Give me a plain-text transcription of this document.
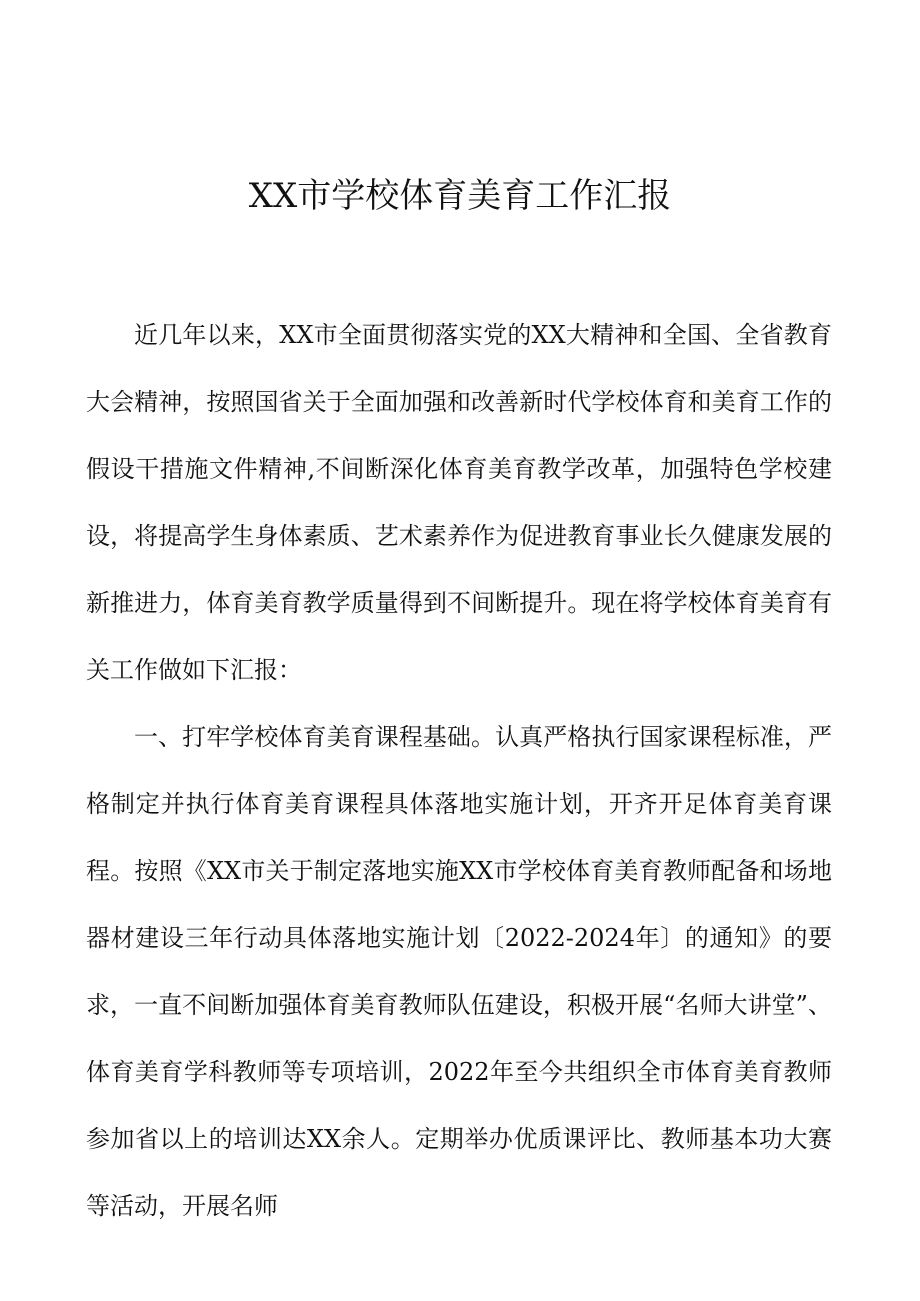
XX市学校体育美育工作汇报

近几年以来，XX市全面贯彻落实党的XX大精神和全国、全省教育大会精神，按照国省关于全面加强和改善新时代学校体育和美育工作的假设干措施文件精神,不间断深化体育美育教学改革，加强特色学校建设，将提高学生身体素质、艺术素养作为促进教育事业长久健康发展的新推进力，体育美育教学质量得到不间断提升。现在将学校体育美育有关工作做如下汇报：

一、打牢学校体育美育课程基础。认真严格执行国家课程标准，严格制定并执行体育美育课程具体落地实施计划，开齐开足体育美育课程。按照《XX市关于制定落地实施XX市学校体育美育教师配备和场地器材建设三年行动具体落地实施计划〔2022-2024年〕的通知》的要求，一直不间断加强体育美育教师队伍建设，积极开展“名师大讲堂”、体育美育学科教师等专项培训，2022年至今共组织全市体育美育教师参加省以上的培训达XX余人。定期举办优质课评比、教师基本功大赛等活动，开展名师
